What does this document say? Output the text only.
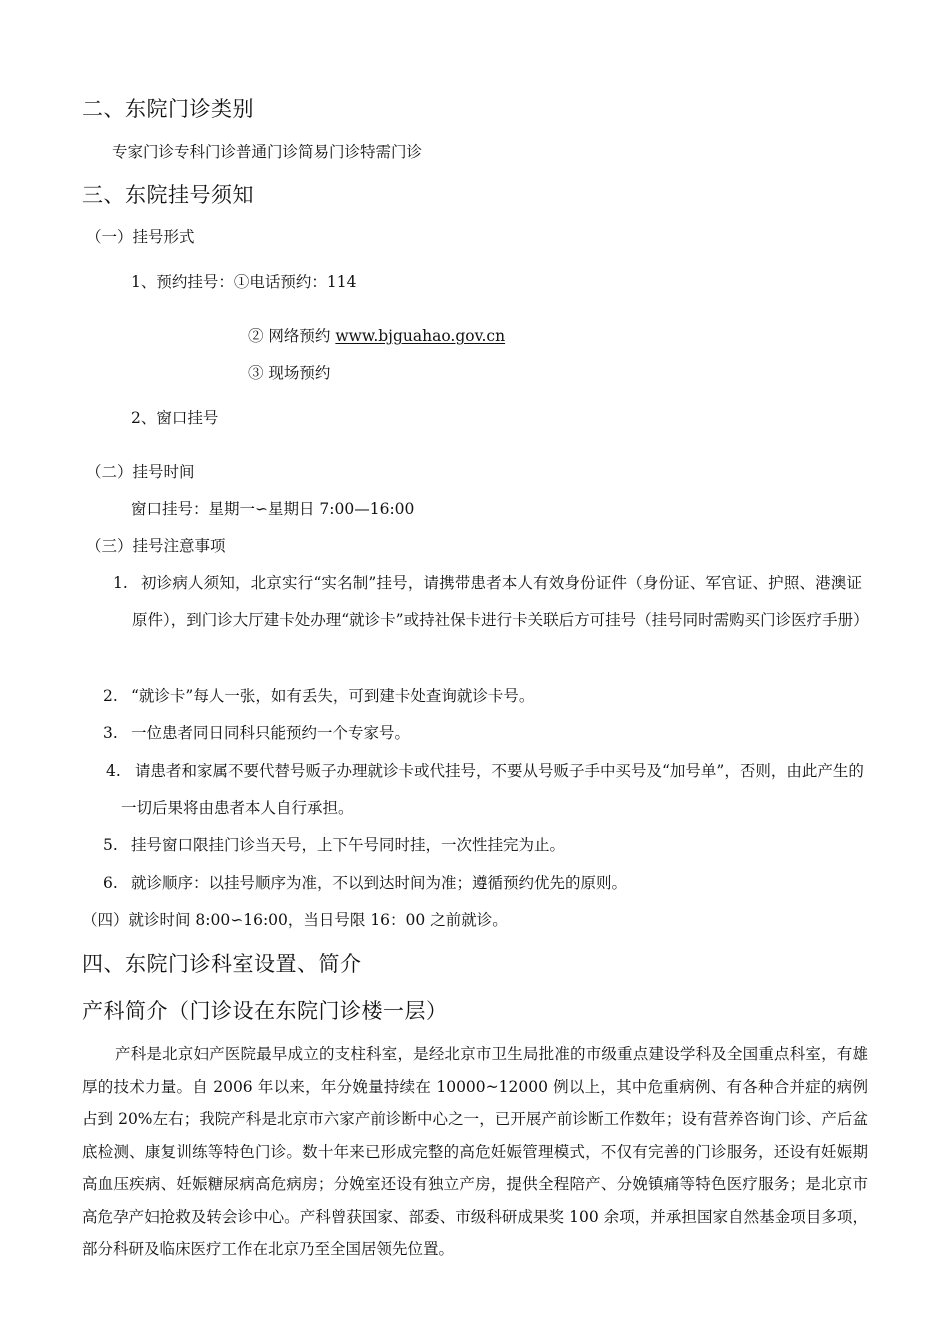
二、东院门诊类别
专家门诊专科门诊普通门诊简易门诊特需门诊
三、东院挂号须知
（一）挂号形式
1、预约挂号：①电话预约：114
② 网络预约 www.bjguahao.gov.cn
③ 现场预约
2、窗口挂号
（二）挂号时间
窗口挂号：星期一∽星期日 7:00—16:00
（三）挂号注意事项
1. 初诊病人须知，北京实行“实名制”挂号，请携带患者本人有效身份证件（身份证、军官证、护照、港澳证原件），到门诊大厅建卡处办理“就诊卡”或持社保卡进行卡关联后方可挂号（挂号同时需购买门诊医疗手册）
2. “就诊卡”每人一张，如有丢失，可到建卡处查询就诊卡号。
3. 一位患者同日同科只能预约一个专家号。
4. 请患者和家属不要代替号贩子办理就诊卡或代挂号，不要从号贩子手中买号及“加号单”，否则，由此产生的一切后果将由患者本人自行承担。
5. 挂号窗口限挂门诊当天号，上下午号同时挂，一次性挂完为止。
6. 就诊顺序：以挂号顺序为准，不以到达时间为准；遵循预约优先的原则。
（四）就诊时间 8:00∽16:00，当日号限 16：00 之前就诊。
四、东院门诊科室设置、简介
产科简介（门诊设在东院门诊楼一层）
产科是北京妇产医院最早成立的支柱科室，是经北京市卫生局批准的市级重点建设学科及全国重点科室，有雄厚的技术力量。自 2006 年以来，年分娩量持续在 10000~12000 例以上，其中危重病例、有各种合并症的病例占到 20%左右；我院产科是北京市六家产前诊断中心之一，已开展产前诊断工作数年；设有营养咨询门诊、产后盆底检测、康复训练等特色门诊。数十年来已形成完整的高危妊娠管理模式，不仅有完善的门诊服务，还设有妊娠期高血压疾病、妊娠糖尿病高危病房；分娩室还设有独立产房，提供全程陪产、分娩镇痛等特色医疗服务；是北京市高危孕产妇抢救及转会诊中心。产科曾获国家、部委、市级科研成果奖 100 余项，并承担国家自然基金项目多项，部分科研及临床医疗工作在北京乃至全国居领先位置。
